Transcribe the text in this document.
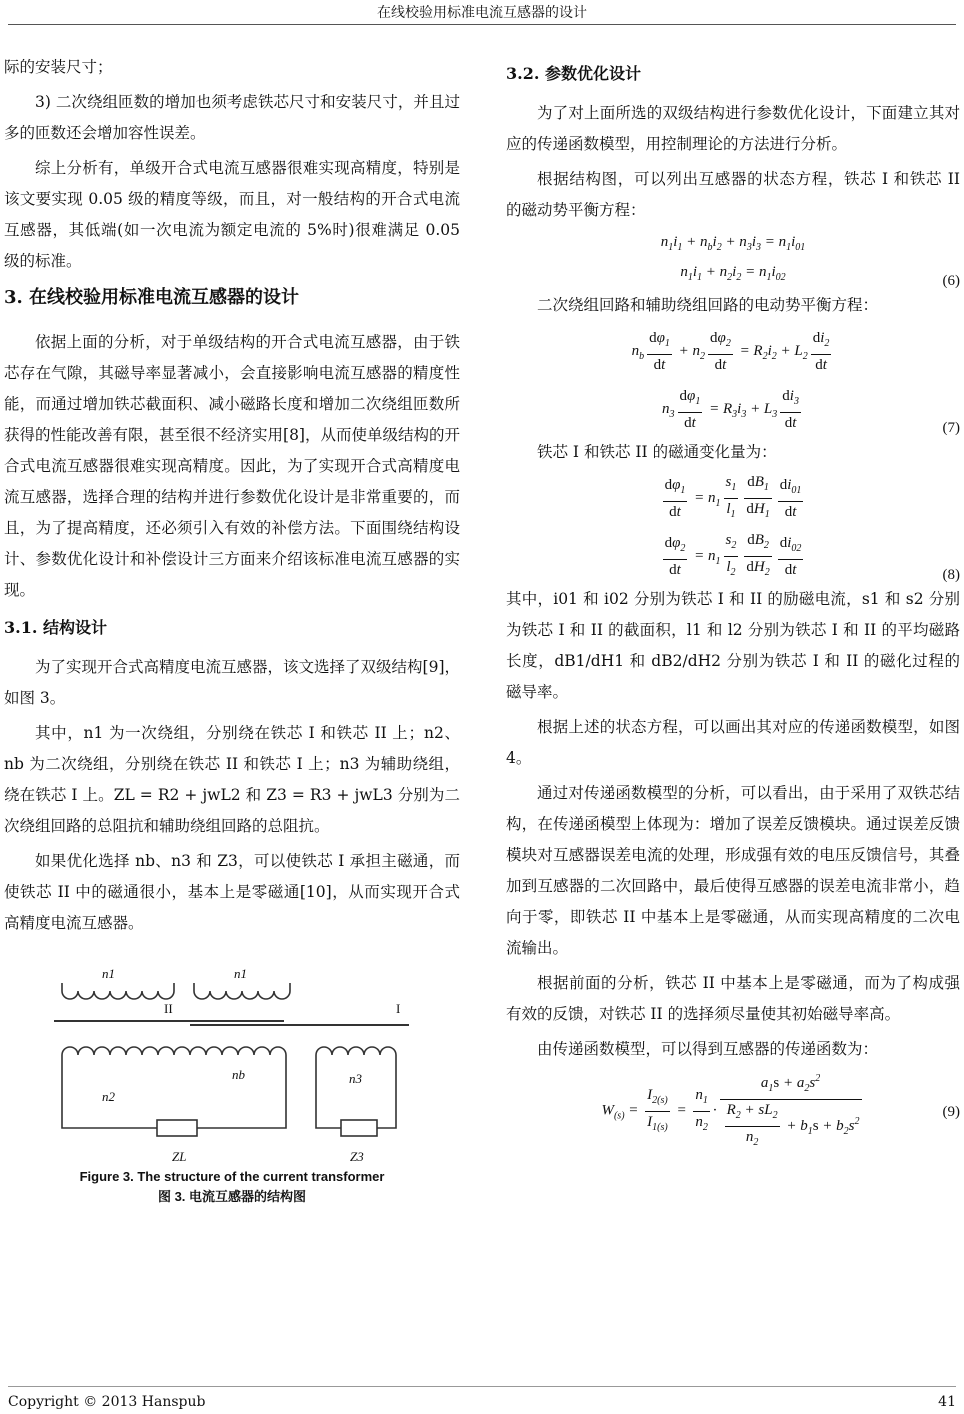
在线校验用标准电流互感器的设计

际的安装尺寸；

3) 二次绕组匝数的增加也须考虑铁芯尺寸和安装尺寸，并且过多的匝数还会增加容性误差。

综上分析有，单级开合式电流互感器很难实现高精度，特别是该文要实现 0.05 级的精度等级，而且，对一般结构的开合式电流互感器，其低端(如一次电流为额定电流的 5%时)很难满足 0.05 级的标准。

3. 在线校验用标准电流互感器的设计

依据上面的分析，对于单级结构的开合式电流互感器，由于铁芯存在气隙，其磁导率显著减小，会直接影响电流互感器的精度性能，而通过增加铁芯截面积、减小磁路长度和增加二次绕组匝数所获得的性能改善有限，甚至很不经济实用[8]，从而使单级结构的开合式电流互感器很难实现高精度。因此，为了实现开合式高精度电流互感器，选择合理的结构并进行参数优化设计是非常重要的，而且，为了提高精度，还必须引入有效的补偿方法。下面围绕结构设计、参数优化设计和补偿设计三方面来介绍该标准电流互感器的实现。

3.1. 结构设计

为了实现开合式高精度电流互感器，该文选择了双级结构[9]，如图 3。

其中，n1 为一次绕组，分别绕在铁芯 I 和铁芯 II 上；n2、nb 为二次绕组，分别绕在铁芯 II 和铁芯 I 上；n3 为辅助绕组，绕在铁芯 I 上。ZL = R2 + jwL2 和 Z3 = R3 + jwL3 分别为二次绕组回路的总阻抗和辅助绕组回路的总阻抗。

如果优化选择 nb、n3 和 Z3，可以使铁芯 I 承担主磁通，而使铁芯 II 中的磁通很小，基本上是零磁通[10]，从而实现开合式高精度电流互感器。

n1	n1
n2
nb	n3
ZL	Z3
II	I
Figure 3. The structure of the current transformer
图 3. 电流互感器的结构图
3.2. 参数优化设计

为了对上面所选的双级结构进行参数优化设计，下面建立其对应的传递函数模型，用控制理论的方法进行分析。

根据结构图，可以列出互感器的状态方程，铁芯 I 和铁芯 II 的磁动势平衡方程：

$n_1i_1 + n_bi_2 + n_3i_3 = n_1i_{01}$
$n_1i_1 + n_2i_2 = n_1i_{02}$	(6)

二次绕组回路和辅助绕组回路的电动势平衡方程：

$n_b \frac{d\varphi_1}{dt} + n_2 \frac{d\varphi_2}{dt} = R_2i_2 + L_2 \frac{di_2}{dt}$
$n_3 \frac{d\varphi_1}{dt} = R_3i_3 + L_3 \frac{di_3}{dt}$	(7)

铁芯 I 和铁芯 II 的磁通变化量为：

$\frac{d\varphi_1}{dt} = n_1 \frac{s_1}{l_1} \frac{dB_1}{dH_1} \frac{di_{01}}{dt}$
$\frac{d\varphi_2}{dt} = n_1 \frac{s_2}{l_2} \frac{dB_2}{dH_2} \frac{di_{02}}{dt}$	(8)

其中，i01 和 i02 分别为铁芯 I 和 II 的励磁电流，s1 和 s2 分别为铁芯 I 和 II 的截面积，l1 和 l2 分别为铁芯 I 和 II 的平均磁路长度，dB1/dH1 和 dB2/dH2 分别为铁芯 I 和 II 的磁化过程的磁导率。

根据上述的状态方程，可以画出其对应的传递函数模型，如图 4。

通过对传递函数模型的分析，可以看出，由于采用了双铁芯结构，在传递函模型上体现为：增加了误差反馈模块。通过误差反馈模块对互感器误差电流的处理，形成强有效的电压反馈信号，其叠加到互感器的二次回路中，最后使得互感器的误差电流非常小，趋向于零，即铁芯 II 中基本上是零磁通，从而实现高精度的二次电流输出。

根据前面的分析，铁芯 II 中基本上是零磁通，而为了构成强有效的反馈，对铁芯 II 的选择须尽量使其初始磁导率高。

由传递函数模型，可以得到互感器的传递函数为：

$W_{(s)} = \frac{I_{2(s)}}{I_{1(s)}} = \frac{n_1}{n_2} \cdot \frac{a_1s + a_2s^2}{\frac{R_2 + sL_2}{n_2} + b_1s + b_2s^2}$	(9)
Copyright © 2013 Hanspub	41
